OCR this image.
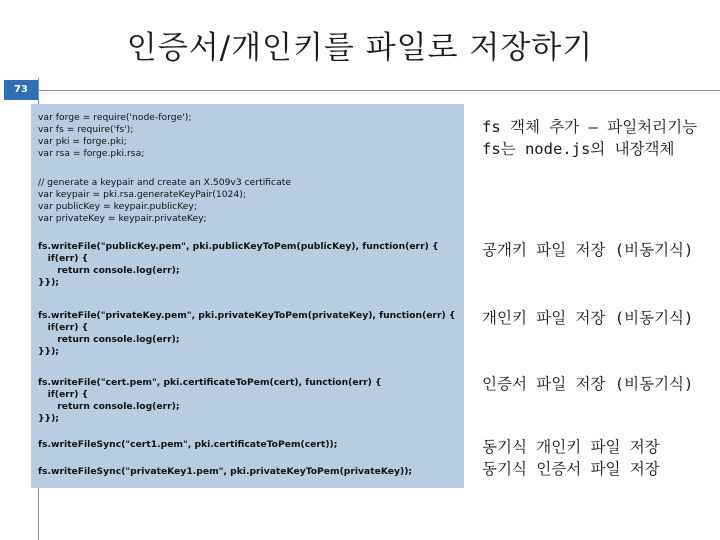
인증서/개인키를 파일로 저장하기
73
var forge = require('node-forge');
var fs = require('fs');
var pki = forge.pki;
var rsa = forge.pki.rsa;
// generate a keypair and create an X.509v3 certificate
var keypair = pki.rsa.generateKeyPair(1024);
var publicKey = keypair.publicKey;
var privateKey = keypair.privateKey;
fs.writeFile("publicKey.pem", pki.publicKeyToPem(publicKey), function(err) {
if(err) {
return console.log(err);
}});
fs.writeFile("privateKey.pem", pki.privateKeyToPem(privateKey), function(err) {
if(err) {
return console.log(err);
}});
fs.writeFile("cert.pem", pki.certificateToPem(cert), function(err) {
if(err) {
return console.log(err);
}});
fs.writeFileSync("cert1.pem", pki.certificateToPem(cert));
fs.writeFileSync("privateKey1.pem", pki.privateKeyToPem(privateKey));
fs 객체 추가 – 파일처리기능
fs는 node.js의 내장객체
공개키 파일 저장 (비동기식)
개인키 파일 저장 (비동기식)
인증서 파일 저장 (비동기식)
동기식 개인키 파일 저장
동기식 인증서 파일 저장
